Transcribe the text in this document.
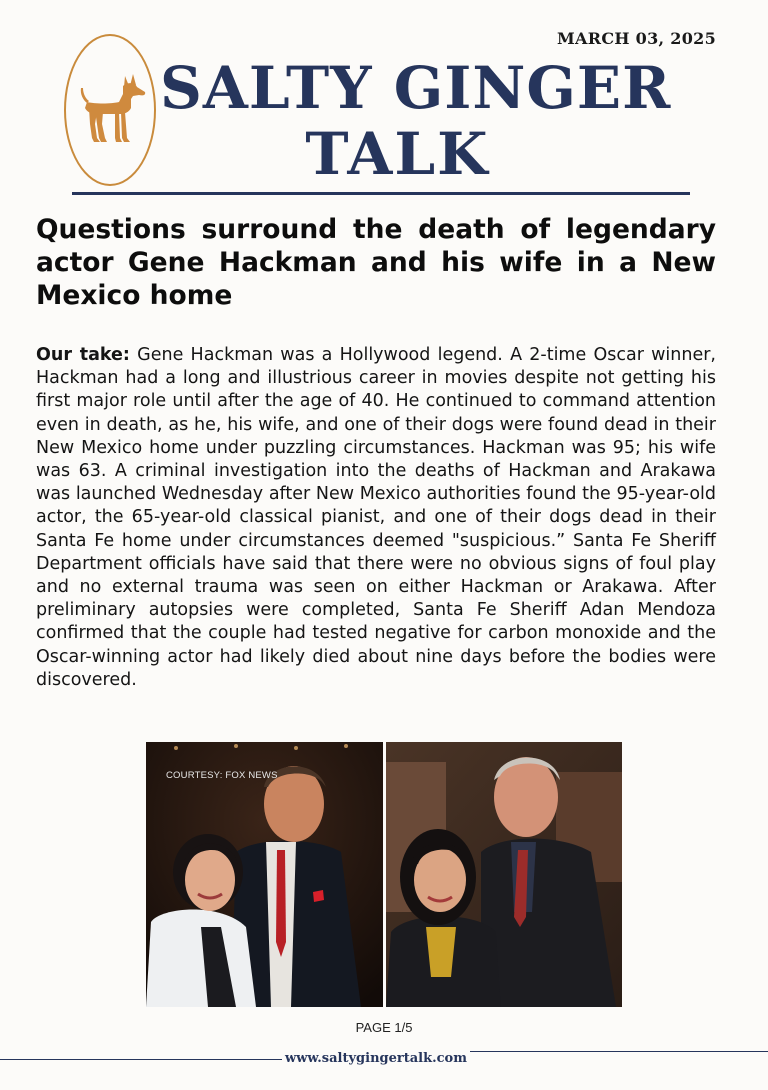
MARCH 03, 2025
SALTY GINGER
TALK
Questions surround the death of legendary actor Gene Hackman and his wife in a New Mexico home

Our take: Gene Hackman was a Hollywood legend. A 2-time Oscar winner, Hackman had a long and illustrious career in movies despite not getting his first major role until after the age of 40. He continued to command attention even in death, as he, his wife, and one of their dogs were found dead in their New Mexico home under puzzling circumstances. Hackman was 95; his wife was 63. A criminal investigation into the deaths of Hackman and Arakawa was launched Wednesday after New Mexico authorities found the 95-year-old actor, the 65-year-old classical pianist, and one of their dogs dead in their Santa Fe home under circumstances deemed "suspicious.” Santa Fe Sheriff Department officials have said that there were no obvious signs of foul play and no external trauma was seen on either Hackman or Arakawa. After preliminary autopsies were completed, Santa Fe Sheriff Adan Mendoza confirmed that the couple had tested negative for carbon monoxide and the Oscar-winning actor had likely died about nine days before the bodies were discovered.

COURTESY: FOX NEWS
PAGE 1/5
www.saltygingertalk.com
